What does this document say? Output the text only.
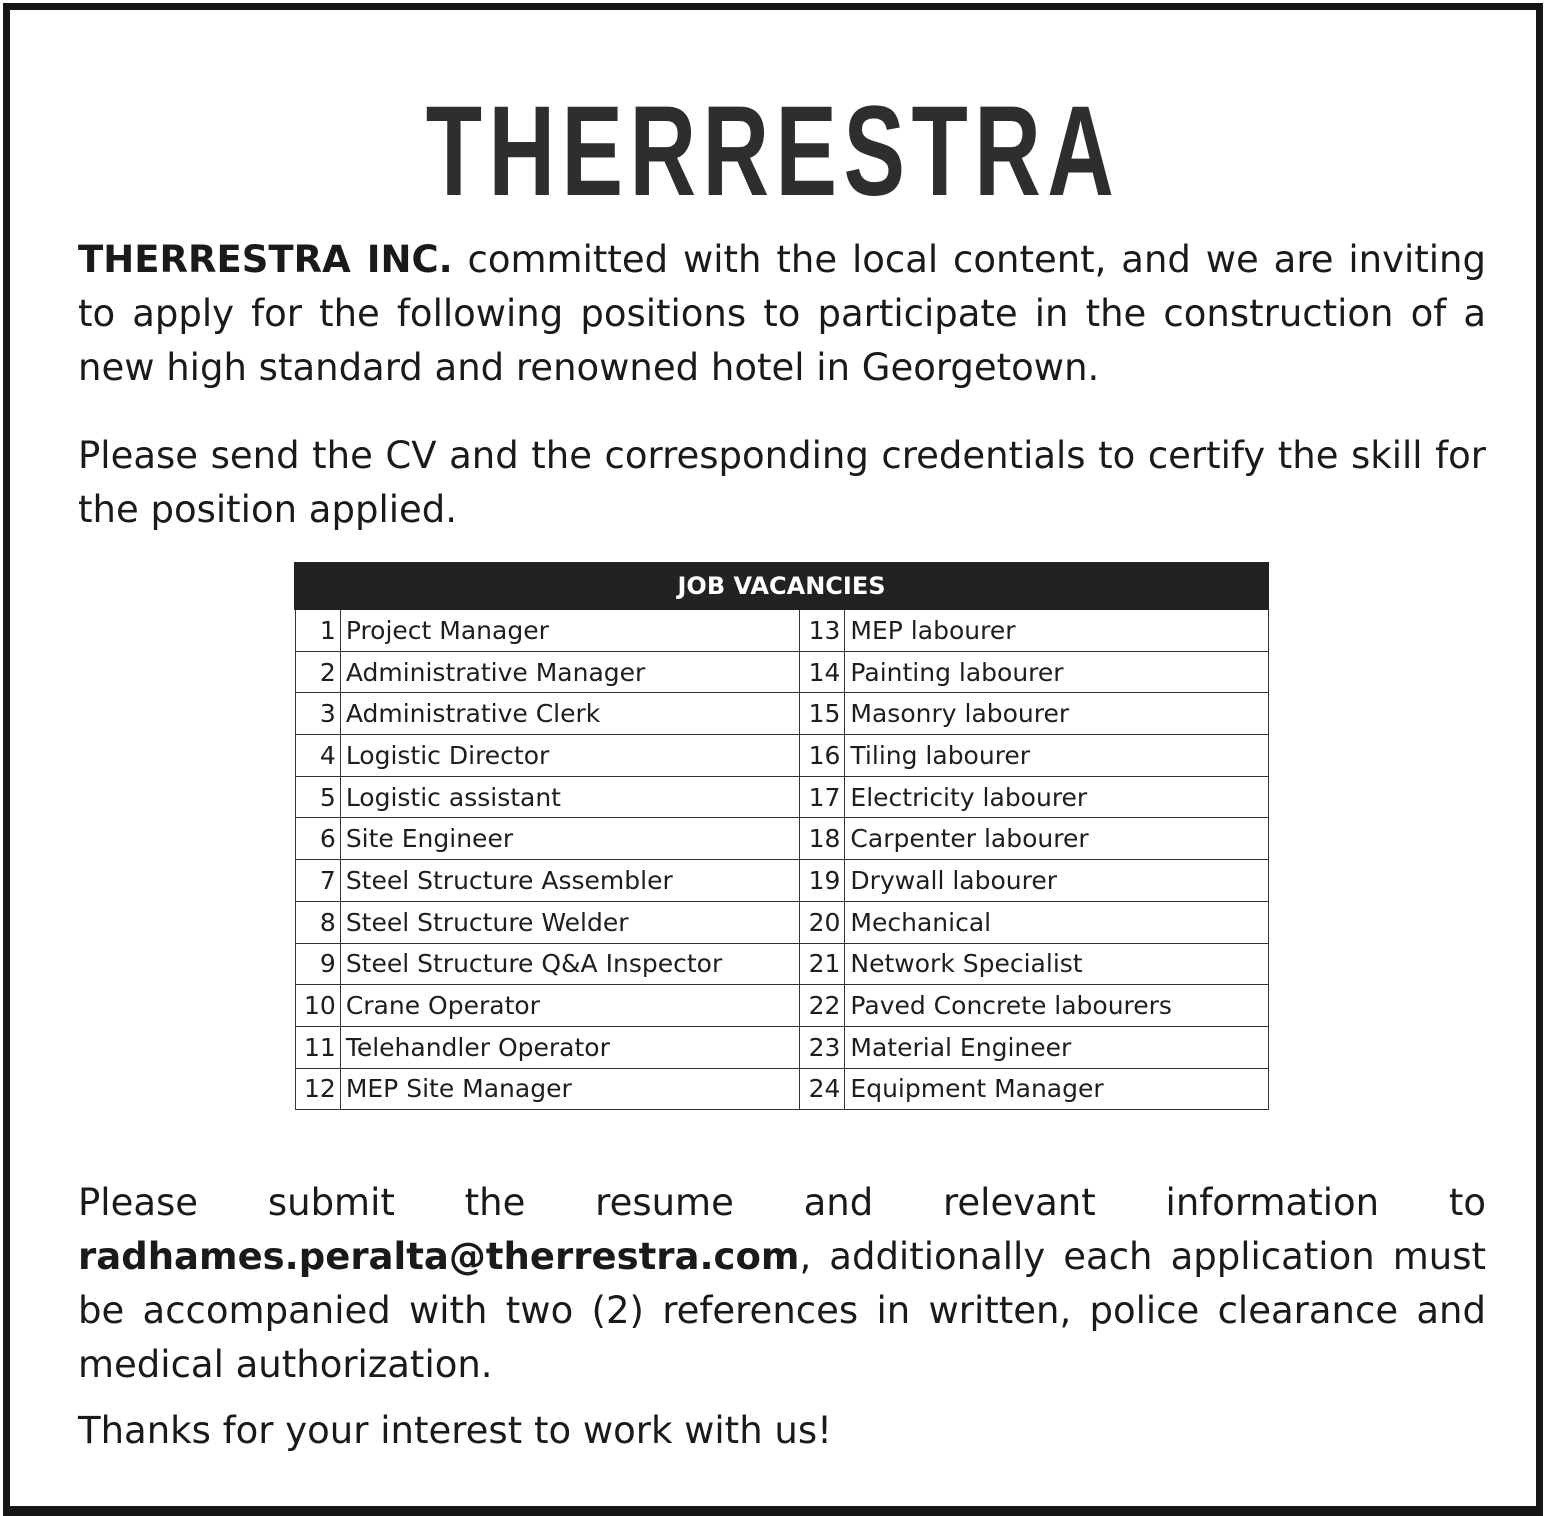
THERRESTRA

THERRESTRA INC. committed with the local content, and we are inviting to apply for the following positions to participate in the construction of a new high standard and renowned hotel in Georgetown.

Please send the CV and the corresponding credentials to certify the skill for the position applied.

JOB VACANCIES			
1	Project Manager	13	MEP labourer
2	Administrative Manager	14	Painting labourer
3	Administrative Clerk	15	Masonry labourer
4	Logistic Director	16	Tiling labourer
5	Logistic assistant	17	Electricity labourer
6	Site Engineer	18	Carpenter labourer
7	Steel Structure Assembler	19	Drywall labourer
8	Steel Structure Welder	20	Mechanical
9	Steel Structure Q&A Inspector	21	Network Specialist
10	Crane Operator	22	Paved Concrete labourers
11	Telehandler Operator	23	Material Engineer
12	MEP Site Manager	24	Equipment Manager

Please submit the resume and relevant information to
radhames.peralta@therrestra.com, additionally each application must be accompanied with two (2) references in written, police clearance and medical authorization.

Thanks for your interest to work with us!
